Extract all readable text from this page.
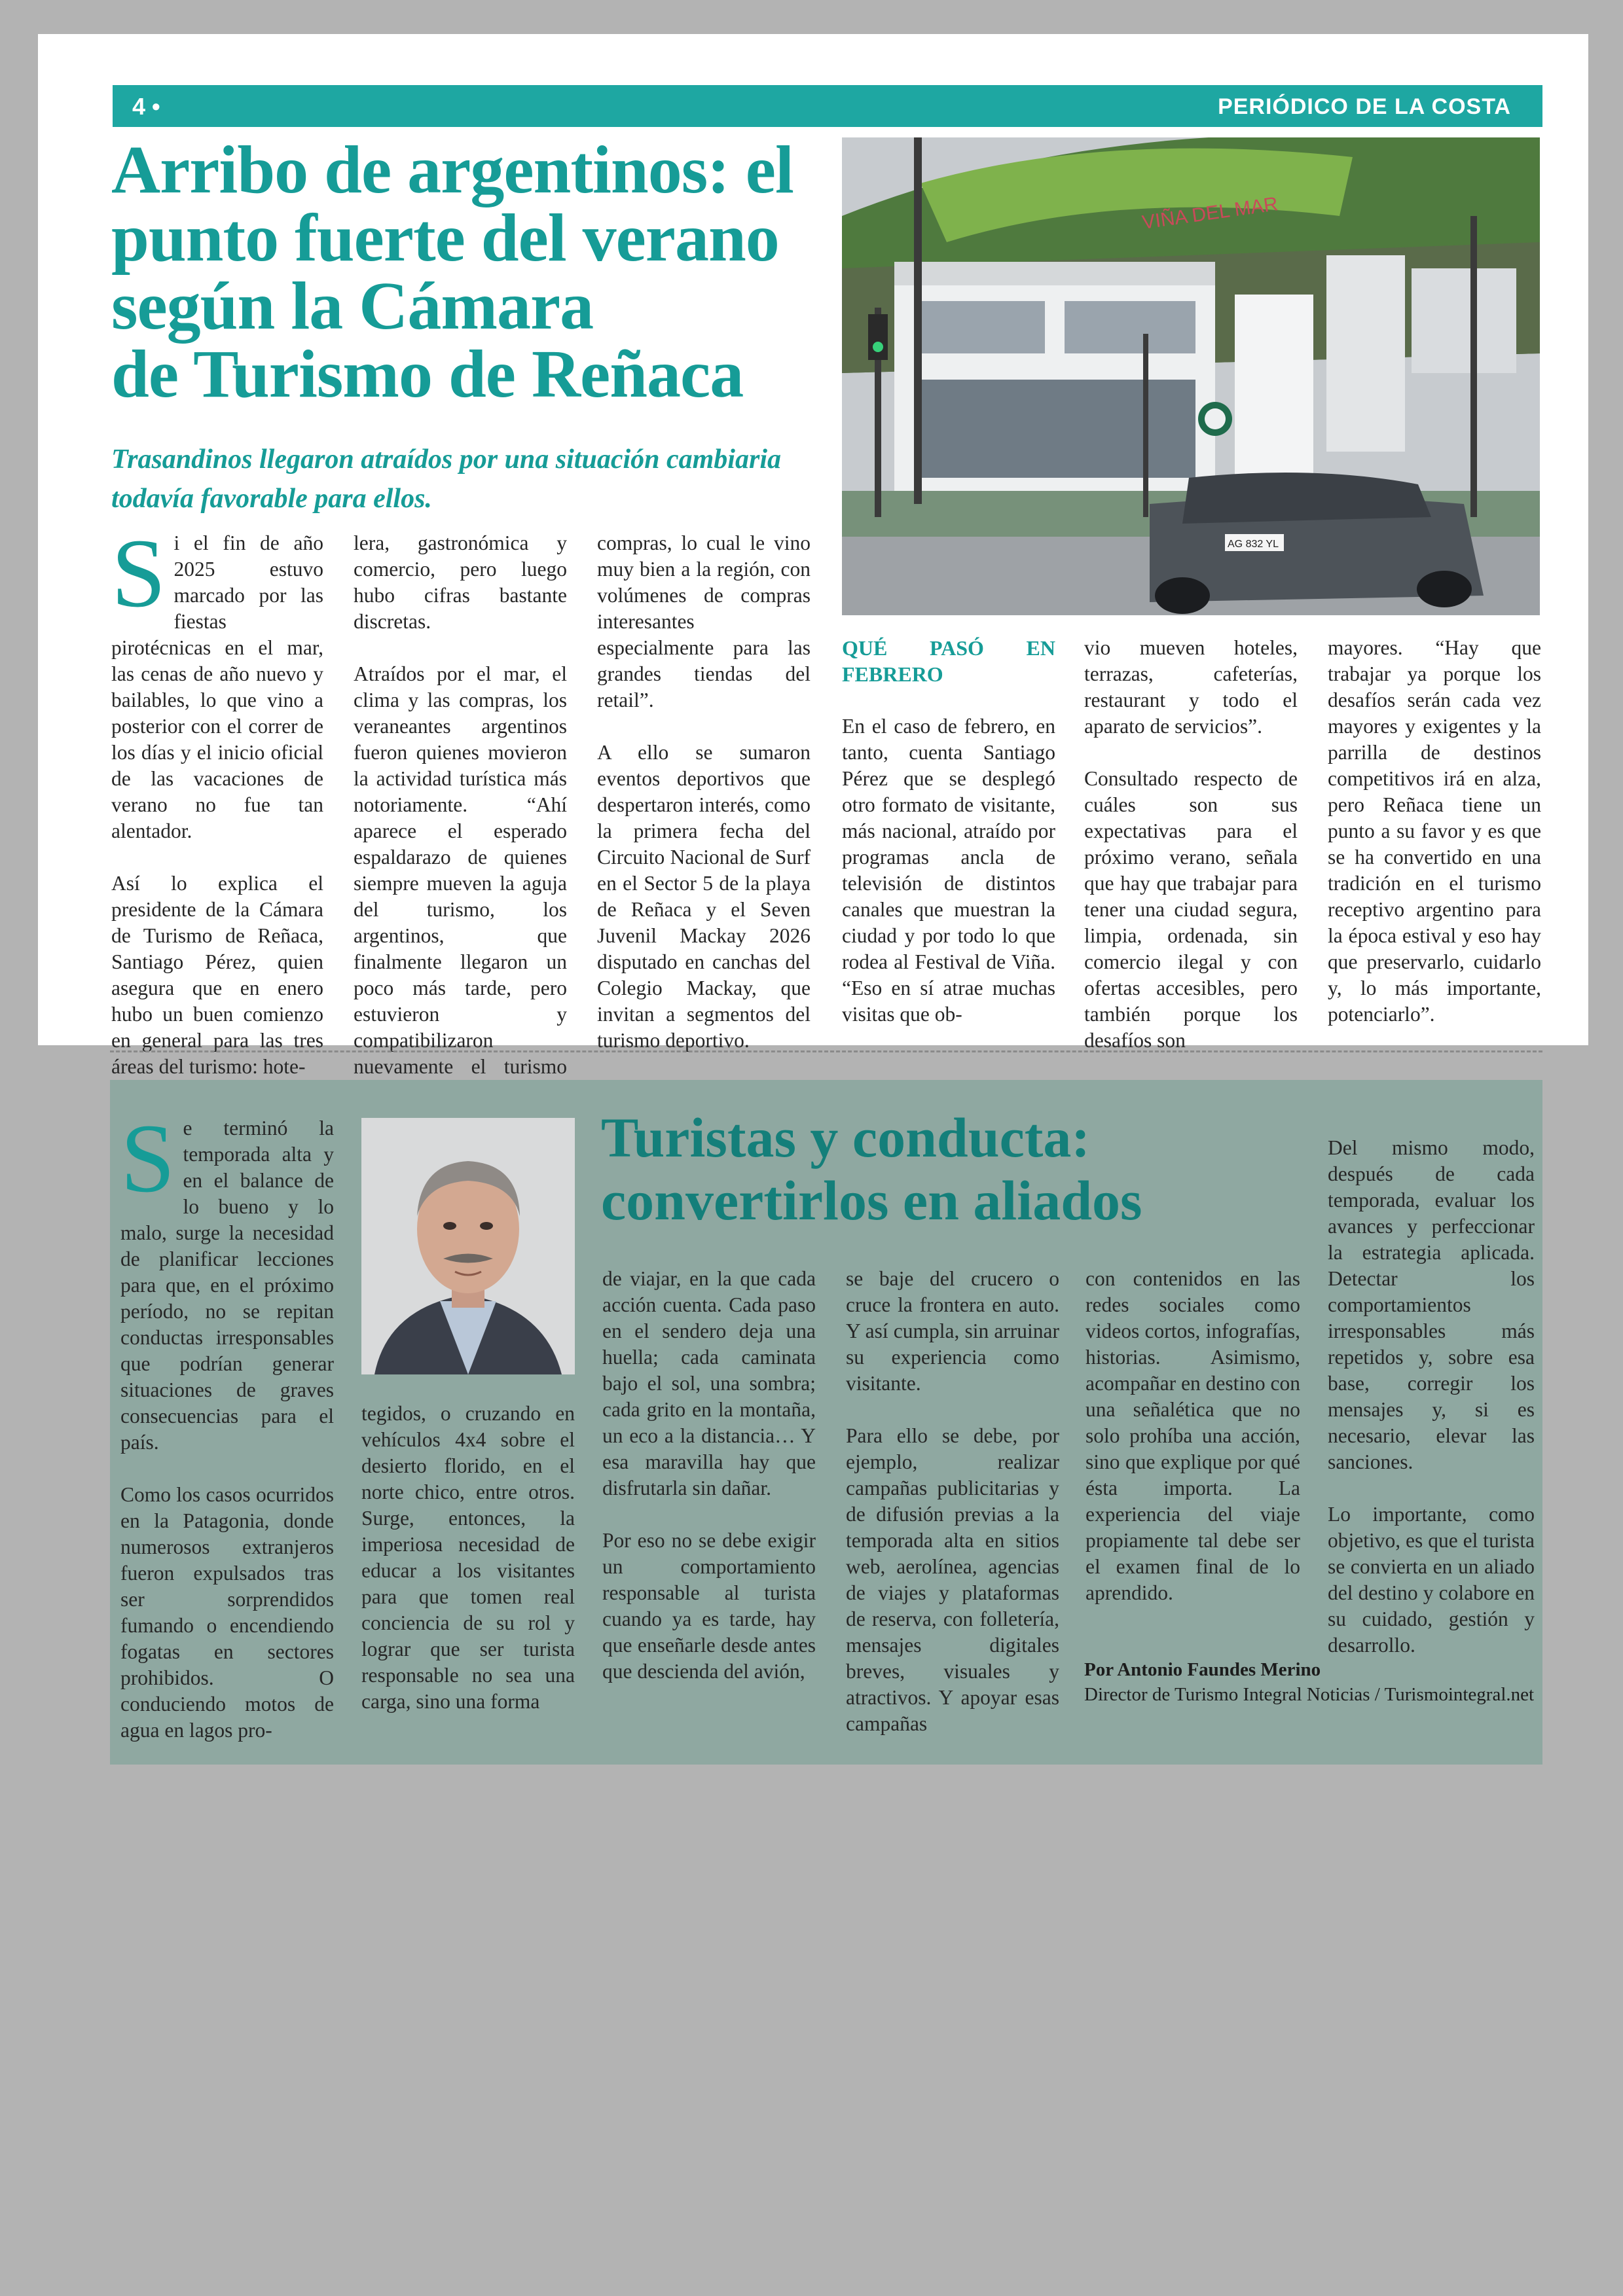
4 •	PERIÓDICO DE LA COSTA
Arribo de argentinos: el
punto fuerte del verano
según la Cámara
de Turismo de Reñaca
Trasandinos llegaron atraídos por una situación cambiaria todavía favorable para ellos.
VIÑA DEL MAR
AG 832 YL

Si el fin de año 2025 estuvo marcado por las fiestas pirotécnicas en el mar, las cenas de año nuevo y bailables, lo que vino a posterior con el correr de los días y el inicio oficial de las vacaciones de verano no fue tan alentador.

Así lo explica el presidente de la Cámara de Turismo de Reñaca, Santiago Pérez, quien asegura que en enero hubo un buen comienzo en general para las tres áreas del turismo: hote-

lera, gastronómica y comercio, pero luego hubo cifras bastante discretas.

Atraídos por el mar, el clima y las compras, los veraneantes argentinos fueron quienes movieron la actividad turística más notoriamente. “Ahí aparece el esperado espaldarazo de quienes siempre mueven la aguja del turismo, los argentinos, que finalmente llegaron un poco más tarde, pero estuvieron y compatibilizaron nuevamente el turismo

compras, lo cual le vino muy bien a la región, con volúmenes de compras interesantes especialmente para las grandes tiendas del retail”.

A ello se sumaron eventos deportivos que despertaron interés, como la primera fecha del Circuito Nacional de Surf en el Sector 5 de la playa de Reñaca y el Seven Juvenil Mackay 2026 disputado en canchas del Colegio Mackay, que invitan a segmentos del turismo deportivo.

QUÉ PASÓ EN FEBRERO

En el caso de febrero, en tanto, cuenta Santiago Pérez que se desplegó otro formato de visitante, más nacional, atraído por programas ancla de televisión de distintos canales que muestran la ciudad y por todo lo que rodea al Festival de Viña. “Eso en sí atrae muchas visitas que ob-

vio mueven hoteles, terrazas, cafeterías, restaurant y todo el aparato de servicios”.

Consultado respecto de cuáles son sus expectativas para el próximo verano, señala que hay que trabajar para tener una ciudad segura, limpia, ordenada, sin comercio ilegal y con ofertas accesibles, pero también porque los desafíos son

mayores. “Hay que trabajar ya porque los desafíos serán cada vez mayores y exigentes y la parrilla de destinos competitivos irá en alza, pero Reñaca tiene un punto a su favor y es que se ha convertido en una tradición en el turismo receptivo argentino para la época estival y eso hay que preservarlo, cuidarlo y, lo más importante, potenciarlo”.

Turistas y conducta:
convertirlos en aliados

Se terminó la temporada alta y en el balance de lo bueno y lo malo, surge la necesidad de planificar lecciones para que, en el próximo período, no se repitan conductas irresponsables que podrían generar situaciones de graves consecuencias para el país.

Como los casos ocurridos en la Patagonia, donde numerosos extranjeros fueron expulsados tras ser sorprendidos fumando o encendiendo fogatas en sectores prohibidos. O conduciendo motos de agua en lagos pro-

tegidos, o cruzando en vehículos 4x4 sobre el desierto florido, en el norte chico, entre otros. Surge, entonces, la imperiosa necesidad de educar a los visitantes para que tomen real conciencia de su rol y lograr que ser turista responsable no sea una carga, sino una forma

de viajar, en la que cada acción cuenta. Cada paso en el sendero deja una huella; cada caminata bajo el sol, una sombra; cada grito en la montaña, un eco a la distancia… Y esa maravilla hay que disfrutarla sin dañar.

Por eso no se debe exigir un comportamiento responsable al turista cuando ya es tarde, hay que enseñarle desde antes que descienda del avión,

se baje del crucero o cruce la frontera en auto. Y así cumpla, sin arruinar su experiencia como visitante.

Para ello se debe, por ejemplo, realizar campañas publicitarias y de difusión previas a la temporada alta en sitios web, aerolínea, agencias de viajes y plataformas de reserva, con folletería, mensajes digitales breves, visuales y atractivos. Y apoyar esas campañas

con contenidos en las redes sociales como videos cortos, infografías, historias. Asimismo, acompañar en destino con una señalética que no solo prohíba una acción, sino que explique por qué ésta importa. La experiencia del viaje propiamente tal debe ser el examen final de lo aprendido.

Del mismo modo, después de cada temporada, evaluar los avances y perfeccionar la estrategia aplicada. Detectar los comportamientos irresponsables más repetidos y, sobre esa base, corregir los mensajes y, si es necesario, elevar las sanciones.

Lo importante, como objetivo, es que el turista se convierta en un aliado del destino y colabore en su cuidado, gestión y desarrollo.

Por Antonio Faundes Merino
Director de Turismo Integral Noticias / Turismointegral.net
